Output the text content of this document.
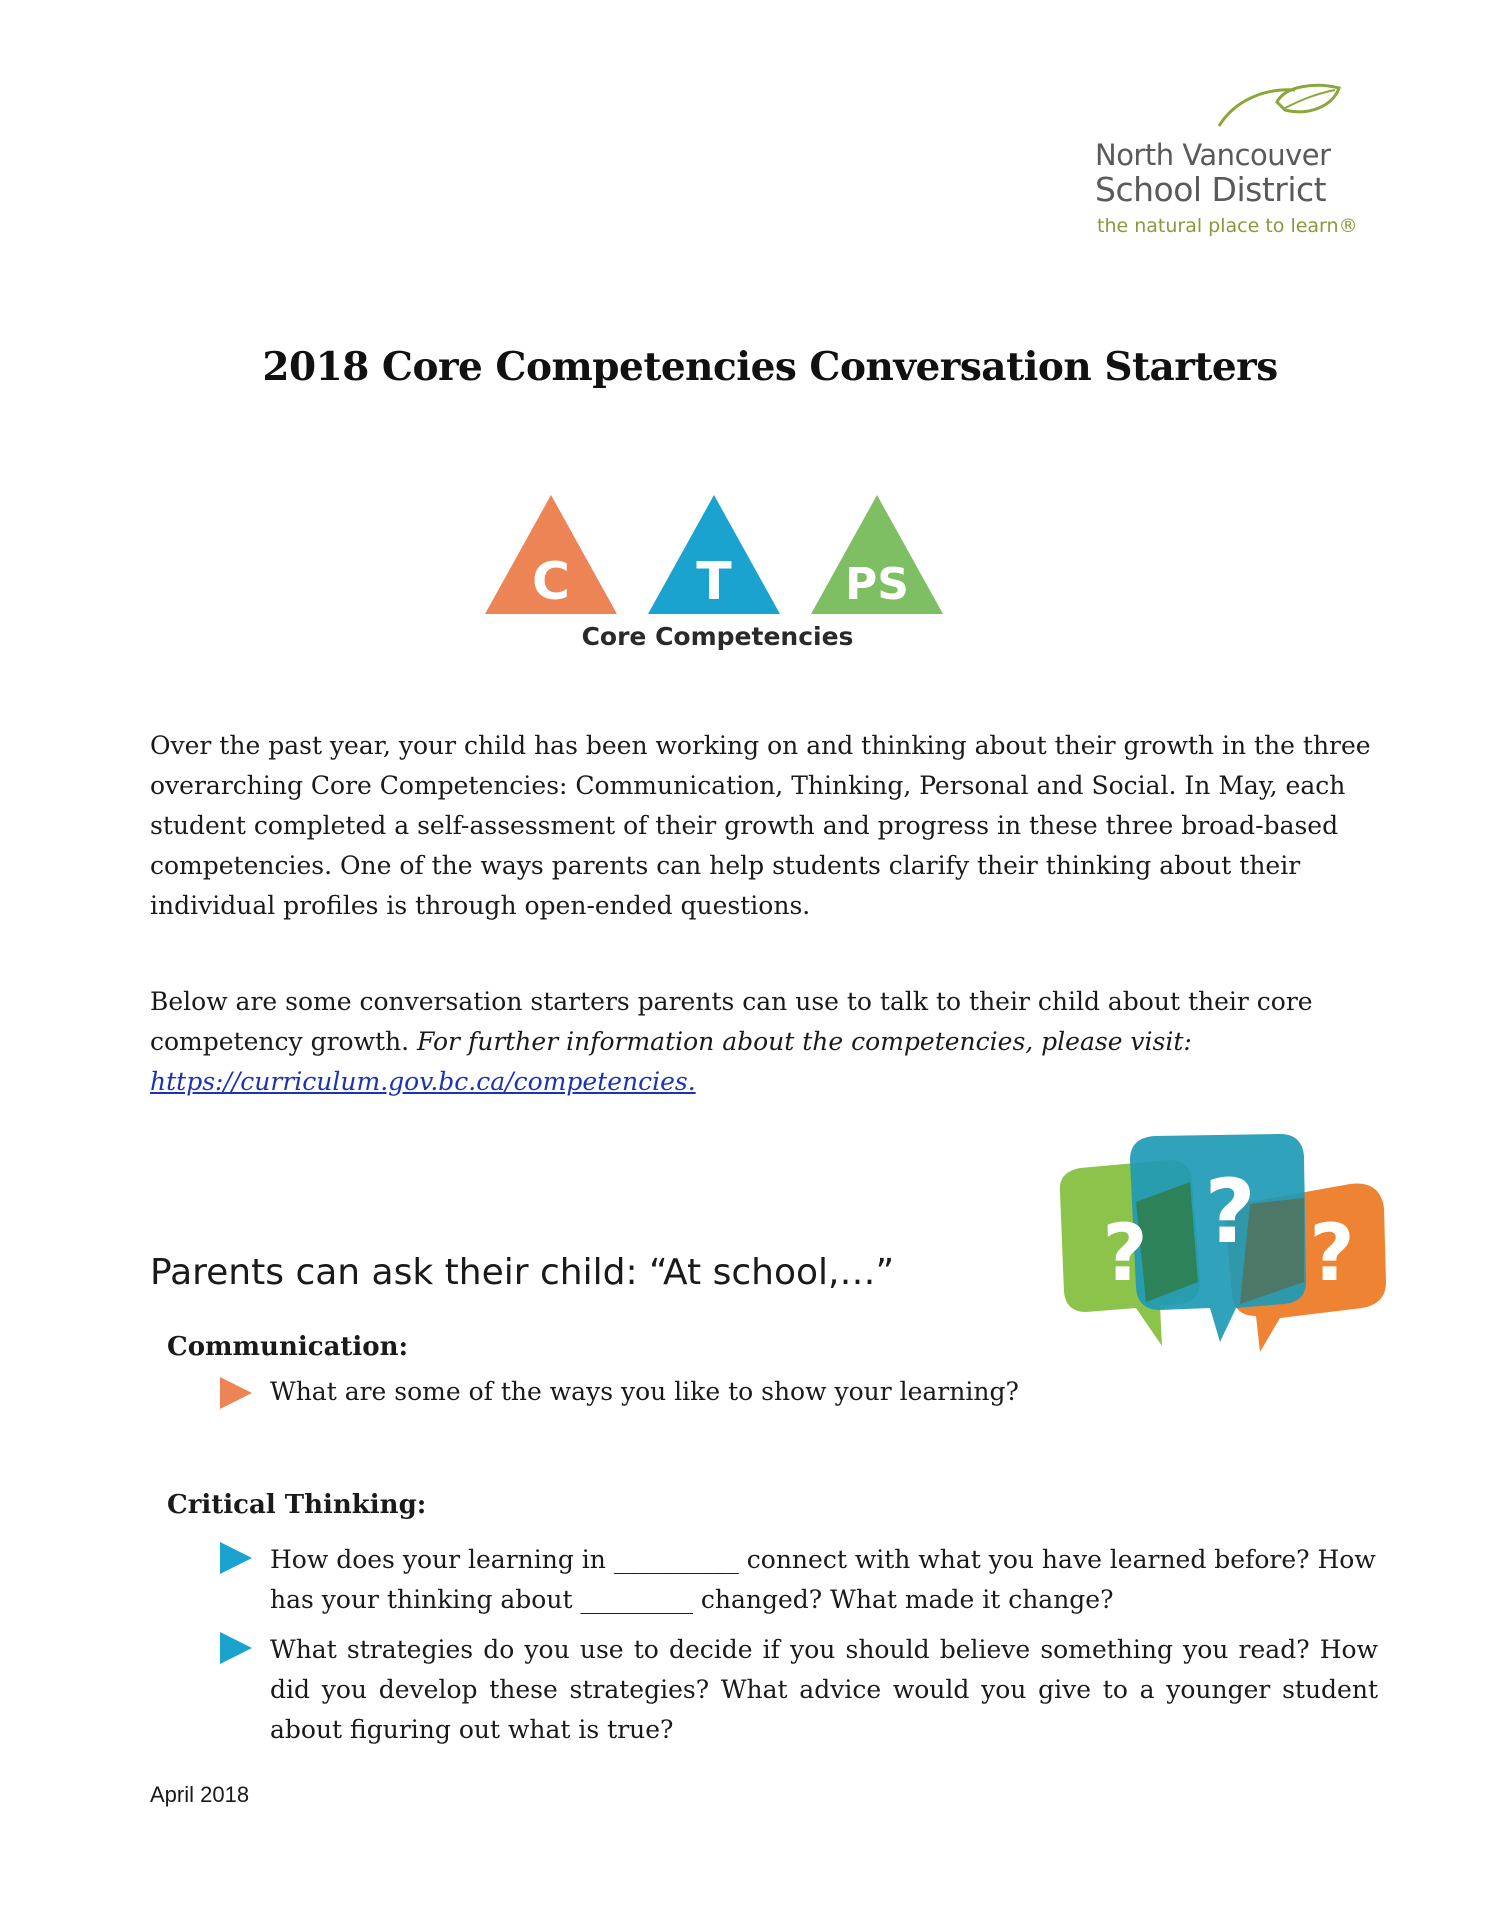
North Vancouver
School District
the natural place to learn®
2018 Core Competencies Conversation Starters
C T	PS
Core Competencies

Over the past year, your child has been working on and thinking about their growth in the three overarching Core Competencies: Communication, Thinking, Personal and Social. In May, each student completed a self-assessment of their growth and progress in these three broad-based competencies. One of the ways parents can help students clarify their thinking about their individual profiles is through open-ended questions.

Below are some conversation starters parents can use to talk to their child about their core competency growth. For further information about the competencies, please visit:
https://curriculum.gov.bc.ca/competencies.

? ? ?
Parents can ask their child: “At school,…”
Communication:

What are some of the ways you like to show your learning?

Critical Thinking:

How does your learning in __________ connect with what you have learned before? How has your thinking about _________ changed? What made it change?

What strategies do you use to decide if you should believe something you read? How did you develop these strategies? What advice would you give to a younger student about figuring out what is true?

April 2018
